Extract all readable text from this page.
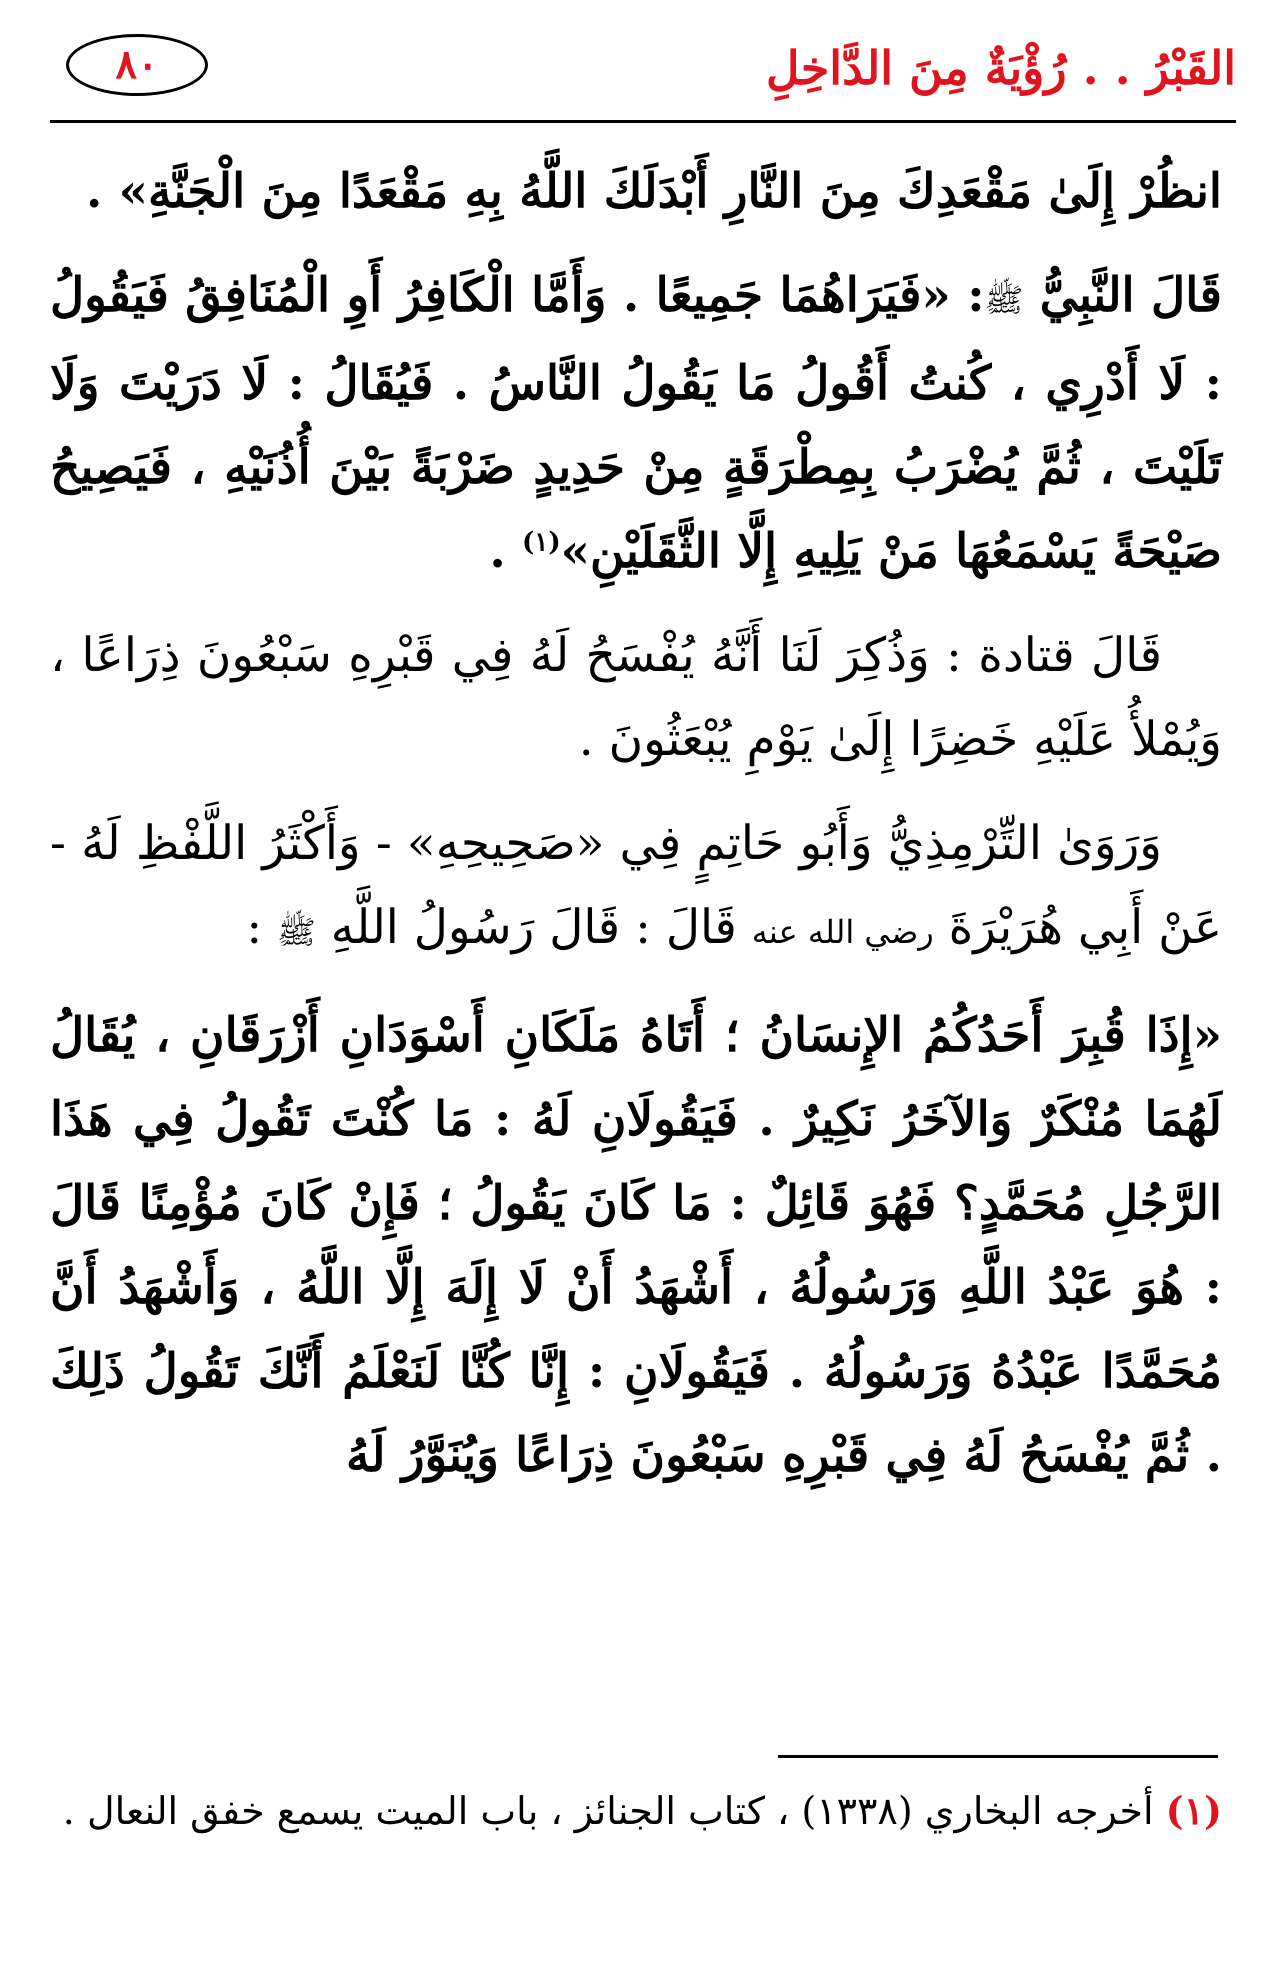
القَبْرُ . . رُؤْيَةٌ مِنَ الدَّاخِلِ
٨٠

انظُرْ إِلَىٰ مَقْعَدِكَ مِنَ النَّارِ أَبْدَلَكَ اللَّهُ بِهِ مَقْعَدًا مِنَ الْجَنَّةِ» .

قَالَ النَّبِيُّ ﷺ: «فَيَرَاهُمَا جَمِيعًا . وَأَمَّا الْكَافِرُ أَوِ الْمُنَافِقُ فَيَقُولُ : لَا أَدْرِي ، كُنتُ أَقُولُ مَا يَقُولُ النَّاسُ . فَيُقَالُ : لَا دَرَيْتَ وَلَا تَلَيْتَ ، ثُمَّ يُضْرَبُ بِمِطْرَقَةٍ مِنْ حَدِيدٍ ضَرْبَةً بَيْنَ أُذُنَيْهِ ، فَيَصِيحُ صَيْحَةً يَسْمَعُهَا مَنْ يَلِيهِ إِلَّا الثَّقَلَيْنِ»$^{(١)}$ .

قَالَ قتادة : وَذُكِرَ لَنَا أَنَّهُ يُفْسَحُ لَهُ فِي قَبْرِهِ سَبْعُونَ ذِرَاعًا ، وَيُمْلأُ عَلَيْهِ خَضِرًا إِلَىٰ يَوْمِ يُبْعَثُونَ .

وَرَوَىٰ التِّرْمِذِيُّ وَأَبُو حَاتِمٍ فِي «صَحِيحِهِ» - وَأَكْثَرُ اللَّفْظِ لَهُ - عَنْ أَبِي هُرَيْرَةَ رضي الله عنه قَالَ : قَالَ رَسُولُ اللَّهِ ﷺ :

«إِذَا قُبِرَ أَحَدُكُمُ الإِنسَانُ ؛ أَتَاهُ مَلَكَانِ أَسْوَدَانِ أَزْرَقَانِ ، يُقَالُ لَهُمَا مُنْكَرٌ وَالآخَرُ نَكِيرٌ . فَيَقُولَانِ لَهُ : مَا كُنْتَ تَقُولُ فِي هَذَا الرَّجُلِ مُحَمَّدٍ؟ فَهُوَ قَائِلٌ : مَا كَانَ يَقُولُ ؛ فَإِنْ كَانَ مُؤْمِنًا قَالَ : هُوَ عَبْدُ اللَّهِ وَرَسُولُهُ ، أَشْهَدُ أَنْ لَا إِلَهَ إِلَّا اللَّهُ ، وَأَشْهَدُ أَنَّ مُحَمَّدًا عَبْدُهُ وَرَسُولُهُ . فَيَقُولَانِ : إِنَّا كُنَّا لَنَعْلَمُ أَنَّكَ تَقُولُ ذَلِكَ . ثُمَّ يُفْسَحُ لَهُ فِي قَبْرِهِ سَبْعُونَ ذِرَاعًا وَيُنَوَّرُ لَهُ

(١) أخرجه البخاري (١٣٣٨) ، كتاب الجنائز ، باب الميت يسمع خفق النعال .
